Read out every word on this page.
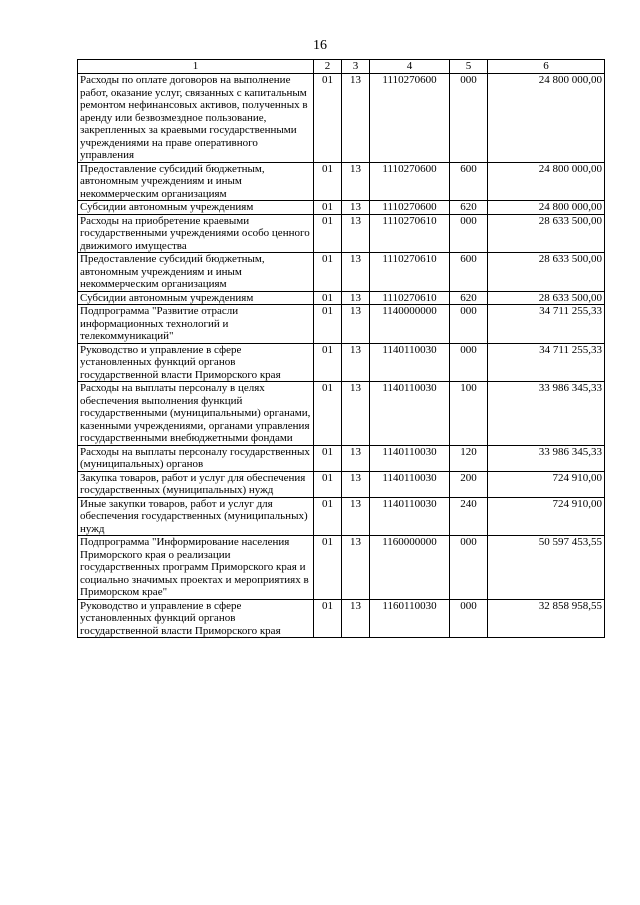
16
1	2	3	4	5	6
Расходы по оплате договоров на выполнение работ, оказание услуг, связанных с капитальным ремонтом нефинансовых активов, полученных в аренду или безвозмездное пользование, закрепленных за краевыми государственными учреждениями на праве оперативного управления	01	13	1110270600	000	24 800 000,00
Предоставление субсидий бюджетным, автономным учреждениям и иным некоммерческим организациям	01	13	1110270600	600	24 800 000,00
Субсидии автономным учреждениям	01	13	1110270600	620	24 800 000,00
Расходы на приобретение краевыми государственными учреждениями особо ценного движимого имущества	01	13	1110270610	000	28 633 500,00
Предоставление субсидий бюджетным, автономным учреждениям и иным некоммерческим организациям	01	13	1110270610	600	28 633 500,00
Субсидии автономным учреждениям	01	13	1110270610	620	28 633 500,00
Подпрограмма "Развитие отрасли информационных технологий и телекоммуникаций"	01	13	1140000000	000	34 711 255,33
Руководство и управление в сфере установленных функций органов государственной власти Приморского края	01	13	1140110030	000	34 711 255,33
Расходы на выплаты персоналу в целях обеспечения выполнения функций государственными (муниципальными) органами, казенными учреждениями, органами управления государственными внебюджетными фондами	01	13	1140110030	100	33 986 345,33
Расходы на выплаты персоналу государственных (муниципальных) органов	01	13	1140110030	120	33 986 345,33
Закупка товаров, работ и услуг для обеспечения государственных (муниципальных) нужд	01	13	1140110030	200	724 910,00
Иные закупки товаров, работ и услуг для обеспечения государственных (муниципальных) нужд	01	13	1140110030	240	724 910,00
Подпрограмма "Информирование населения Приморского края о реализации государственных программ Приморского края и социально значимых проектах и мероприятиях в Приморском крае"	01	13	1160000000	000	50 597 453,55
Руководство и управление в сфере установленных функций органов государственной власти Приморского края	01	13	1160110030	000	32 858 958,55
